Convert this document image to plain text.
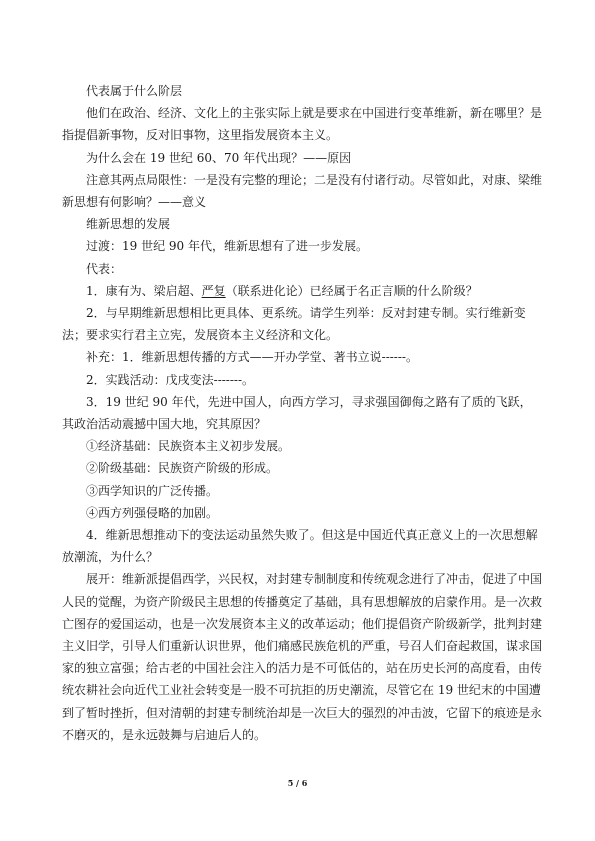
代表属于什么阶层

他们在政治、经济、文化上的主张实际上就是要求在中国进行变革维新，新在哪里？是指提倡新事物，反对旧事物，这里指发展资本主义。

为什么会在 19 世纪 60、70 年代出现？——原因

注意其两点局限性：一是没有完整的理论；二是没有付诸行动。尽管如此，对康、梁维新思想有何影响？——意义

维新思想的发展

过渡：19 世纪 90 年代，维新思想有了进一步发展。

代表：

1．康有为、梁启超、严复（联系进化论）已经属于名正言顺的什么阶级？

2．与早期维新思想相比更具体、更系统。请学生列举：反对封建专制。实行维新变法；要求实行君主立宪，发展资本主义经济和文化。

补充：1．维新思想传播的方式——开办学堂、著书立说------。

2．实践活动：戊戌变法-------。

3．19 世纪 90 年代，先进中国人，向西方学习，寻求强国御侮之路有了质的飞跃，其政治活动震撼中国大地，究其原因？

①经济基础：民族资本主义初步发展。

②阶级基础：民族资产阶级的形成。

③西学知识的广泛传播。

④西方列强侵略的加剧。

4．维新思想推动下的变法运动虽然失败了。但这是中国近代真正意义上的一次思想解放潮流，为什么？

展开：维新派提倡西学，兴民权，对封建专制制度和传统观念进行了冲击，促进了中国人民的觉醒，为资产阶级民主思想的传播奠定了基础，具有思想解放的启蒙作用。是一次救亡图存的爱国运动，也是一次发展资本主义的改革运动；他们提倡资产阶级新学，批判封建主义旧学，引导人们重新认识世界，他们痛感民族危机的严重，号召人们奋起救国，谋求国家的独立富强；给古老的中国社会注入的活力是不可低估的，站在历史长河的高度看，由传统农耕社会向近代工业社会转变是一股不可抗拒的历史潮流，尽管它在 19 世纪末的中国遭到了暂时挫折，但对清朝的封建专制统治却是一次巨大的强烈的冲击波，它留下的痕迹是永不磨灭的，是永远鼓舞与启迪后人的。

5 / 6
